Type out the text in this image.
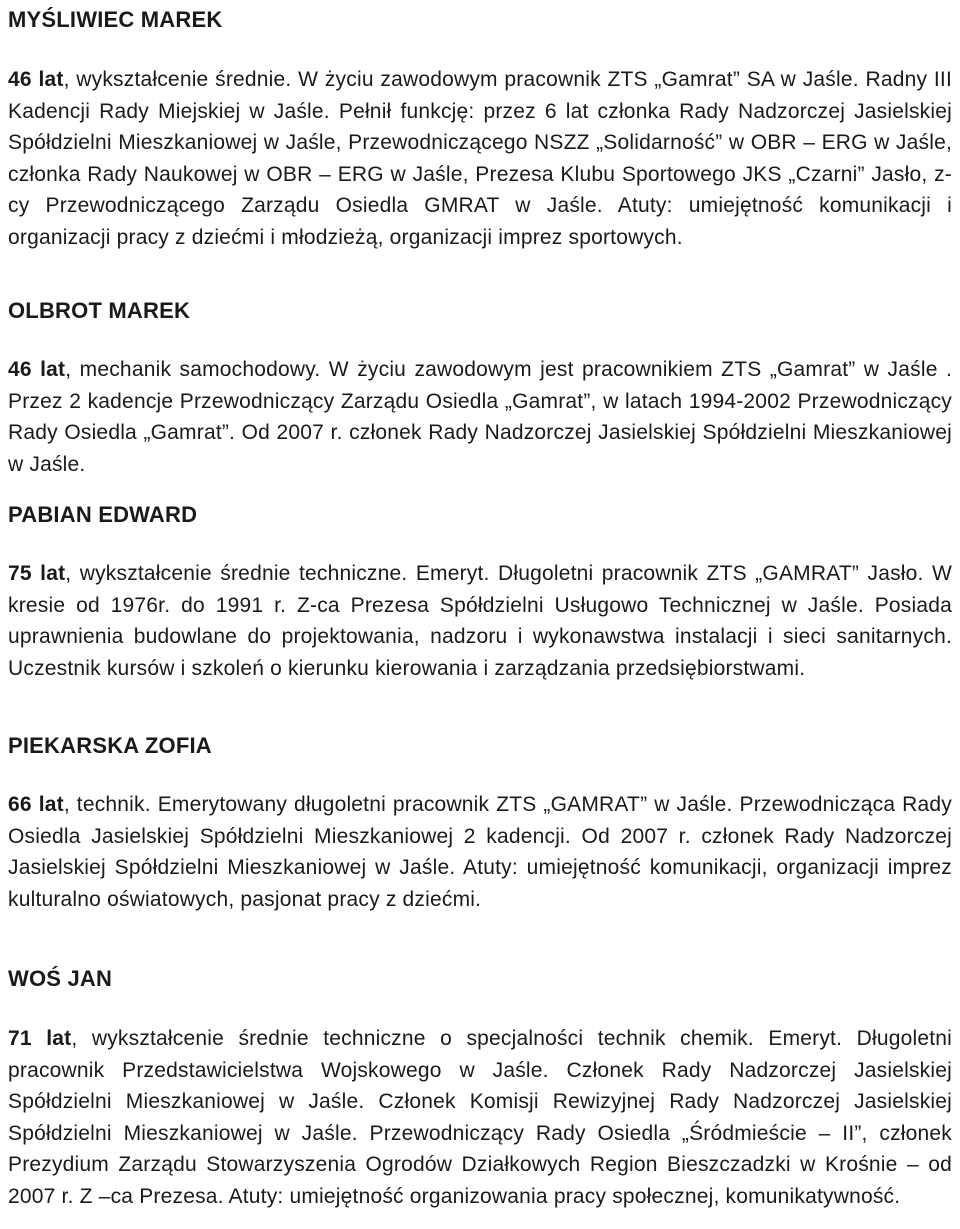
MYŚLIWIEC MAREK

46 lat, wykształcenie średnie. W życiu zawodowym pracownik ZTS „Gamrat” SA w Jaśle. Radny III Kadencji Rady Miejskiej w Jaśle. Pełnił funkcję: przez 6 lat członka Rady Nadzorczej Jasielskiej Spółdzielni Mieszkaniowej w Jaśle, Przewodniczącego NSZZ „Solidarność” w OBR – ERG w Jaśle, członka Rady Naukowej w OBR – ERG w Jaśle, Prezesa Klubu Sportowego JKS „Czarni” Jasło, z- cy Przewodniczącego Zarządu Osiedla GMRAT w Jaśle. Atuty: umiejętność komunikacji i organizacji pracy z dziećmi i młodzieżą, organizacji imprez sportowych.

OLBROT MAREK

46 lat, mechanik samochodowy. W życiu zawodowym jest pracownikiem ZTS „Gamrat” w Jaśle . Przez 2 kadencje Przewodniczący Zarządu Osiedla „Gamrat”, w latach 1994-2002 Przewodniczący Rady Osiedla „Gamrat”. Od 2007 r. członek Rady Nadzorczej Jasielskiej Spółdzielni Mieszkaniowej w Jaśle.

PABIAN EDWARD

75 lat, wykształcenie średnie techniczne. Emeryt. Długoletni pracownik ZTS „GAMRAT” Jasło. W kresie od 1976r. do 1991 r. Z-ca Prezesa Spółdzielni Usługowo Technicznej w Jaśle. Posiada uprawnienia budowlane do projektowania, nadzoru i wykonawstwa instalacji i sieci sanitarnych. Uczestnik kursów i szkoleń o kierunku kierowania i zarządzania przedsiębiorstwami.

PIEKARSKA ZOFIA

66 lat, technik. Emerytowany długoletni pracownik ZTS „GAMRAT” w Jaśle. Przewodnicząca Rady Osiedla Jasielskiej Spółdzielni Mieszkaniowej 2 kadencji. Od 2007 r. członek Rady Nadzorczej Jasielskiej Spółdzielni Mieszkaniowej w Jaśle. Atuty: umiejętność komunikacji, organizacji imprez kulturalno oświatowych, pasjonat pracy z dziećmi.

WOŚ JAN

71 lat, wykształcenie średnie techniczne o specjalności technik chemik. Emeryt. Długoletni pracownik Przedstawicielstwa Wojskowego w Jaśle. Członek Rady Nadzorczej Jasielskiej Spółdzielni Mieszkaniowej w Jaśle. Członek Komisji Rewizyjnej Rady Nadzorczej Jasielskiej Spółdzielni Mieszkaniowej w Jaśle. Przewodniczący Rady Osiedla „Śródmieście – II”, członek Prezydium Zarządu Stowarzyszenia Ogrodów Działkowych Region Bieszczadzki w Krośnie – od 2007 r. Z –ca Prezesa. Atuty: umiejętność organizowania pracy społecznej, komunikatywność.
